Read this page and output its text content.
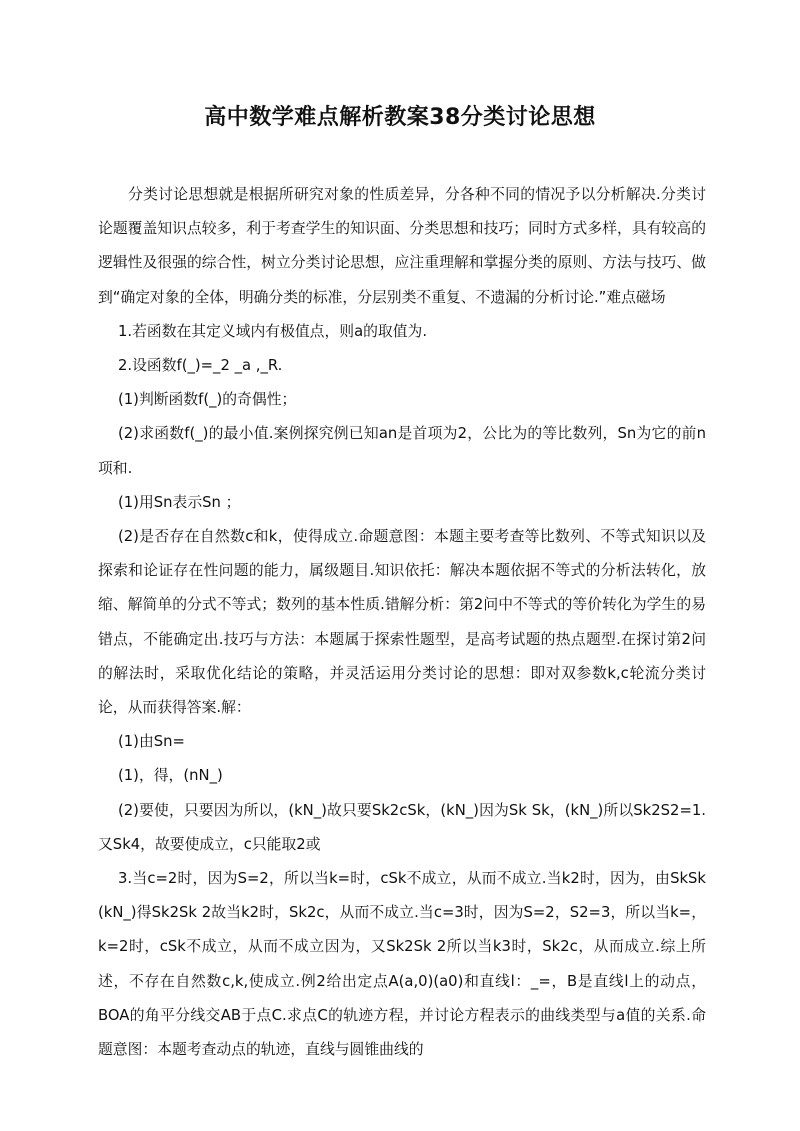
高中数学难点解析教案38分类讨论思想

分类讨论思想就是根据所研究对象的性质差异，分各种不同的情况予以分析解决.分类讨论题覆盖知识点较多，利于考查学生的知识面、分类思想和技巧；同时方式多样，具有较高的逻辑性及很强的综合性，树立分类讨论思想，应注重理解和掌握分类的原则、方法与技巧、做到“确定对象的全体，明确分类的标准，分层别类不重复、不遗漏的分析讨论.”难点磁场

1.若函数在其定义域内有极值点，则a的取值为.

2.设函数f(_)=_2 _a ,_R.

(1)判断函数f(_)的奇偶性；

(2)求函数f(_)的最小值.案例探究例已知an是首项为2，公比为的等比数列，Sn为它的前n项和.

(1)用Sn表示Sn ；

(2)是否存在自然数c和k，使得成立.命题意图：本题主要考查等比数列、不等式知识以及探索和论证存在性问题的能力，属级题目.知识依托：解决本题依据不等式的分析法转化，放缩、解简单的分式不等式；数列的基本性质.错解分析：第2问中不等式的等价转化为学生的易错点，不能确定出.技巧与方法：本题属于探索性题型，是高考试题的热点题型.在探讨第2问的解法时，采取优化结论的策略，并灵活运用分类讨论的思想：即对双参数k,c轮流分类讨论，从而获得答案.解：

(1)由Sn=

(1)，得，(nN_)

(2)要使，只要因为所以，(kN_)故只要Sk2cSk，(kN_)因为Sk Sk，(kN_)所以Sk2S2=1.又Sk4，故要使成立，c只能取2或

3.当c=2时，因为S=2，所以当k=时，cSk不成立，从而不成立.当k2时，因为，由SkSk (kN_)得Sk2Sk 2故当k2时，Sk2c，从而不成立.当c=3时，因为S=2，S2=3，所以当k=，k=2时，cSk不成立，从而不成立因为，又Sk2Sk 2所以当k3时，Sk2c，从而成立.综上所述，不存在自然数c,k,使成立.例2给出定点A(a,0)(a0)和直线l：_=，B是直线l上的动点，BOA的角平分线交AB于点C.求点C的轨迹方程，并讨论方程表示的曲线类型与a值的关系.命题意图：本题考查动点的轨迹，直线与圆锥曲线的
